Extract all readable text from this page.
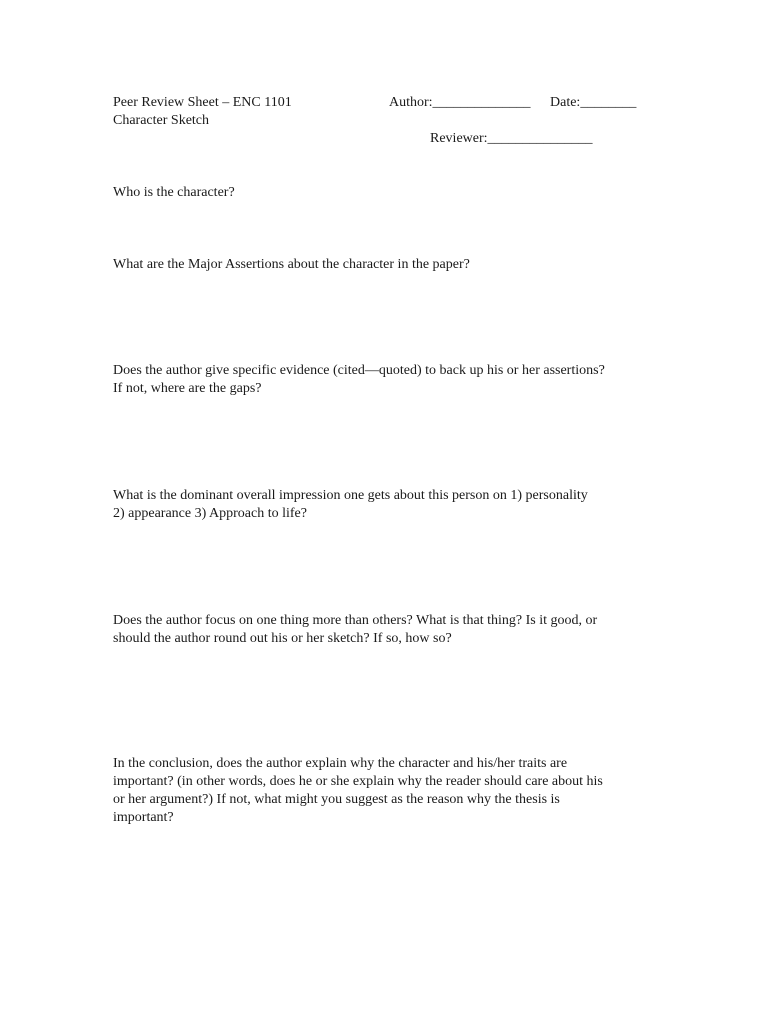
Peer Review Sheet – ENC 1101
Character Sketch
Author:______________ Date:________
Reviewer:_______________
Who is the character?
What are the Major Assertions about the character in the paper?
Does the author give specific evidence (cited—quoted) to back up his or her assertions?
If not, where are the gaps?
What is the dominant overall impression one gets about this person on 1) personality
2) appearance 3) Approach to life?
Does the author focus on one thing more than others? What is that thing? Is it good, or
should the author round out his or her sketch? If so, how so?
In the conclusion, does the author explain why the character and his/her traits are
important? (in other words, does he or she explain why the reader should care about his
or her argument?) If not, what might you suggest as the reason why the thesis is
important?
